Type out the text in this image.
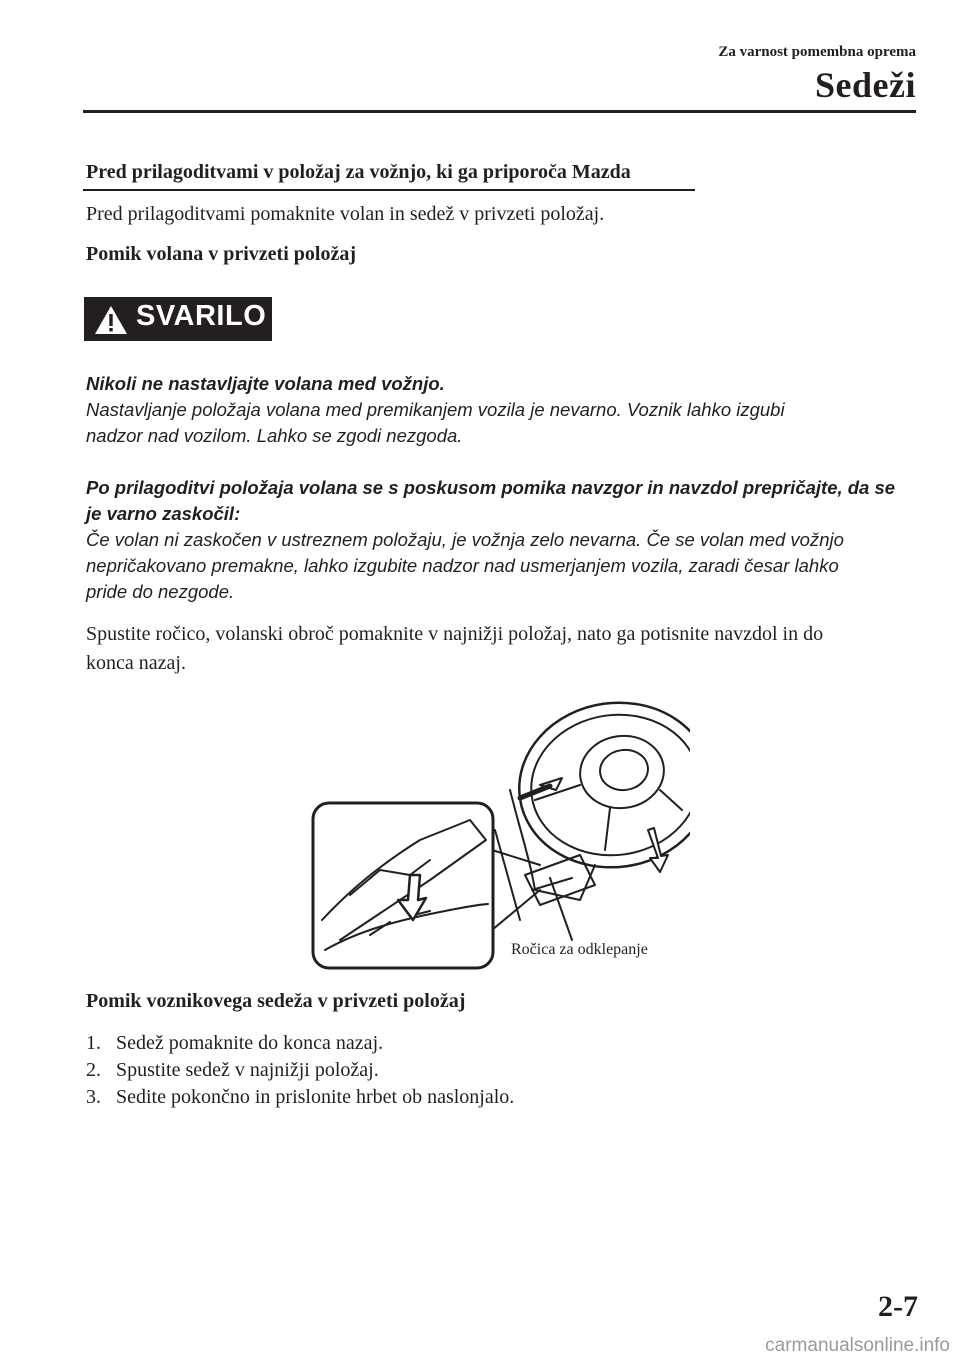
Za varnost pomembna oprema
Sedeži
Pred prilagoditvami v položaj za vožnjo, ki ga priporoča Mazda
Pred prilagoditvami pomaknite volan in sedež v privzeti položaj.
Pomik volana v privzeti položaj
SVARILO
Nikoli ne nastavljajte volana med vožnjo.
Nastavljanje položaja volana med premikanjem vozila je nevarno. Voznik lahko izgubi
nadzor nad vozilom. Lahko se zgodi nezgoda.
Po prilagoditvi položaja volana se s poskusom pomika navzgor in navzdol prepričajte, da se
je varno zaskočil:
Če volan ni zaskočen v ustreznem položaju, je vožnja zelo nevarna. Če se volan med vožnjo
nepričakovano premakne, lahko izgubite nadzor nad usmerjanjem vozila, zaradi česar lahko
pride do nezgode.
Spustite ročico, volanski obroč pomaknite v najnižji položaj, nato ga potisnite navzdol in do
konca nazaj.
Ročica za odklepanje
Pomik voznikovega sedeža v privzeti položaj
1. Sedež pomaknite do konca nazaj.
2. Spustite sedež v najnižji položaj.
3. Sedite pokončno in prislonite hrbet ob naslonjalo.
2-7
carmanualsonline.info
